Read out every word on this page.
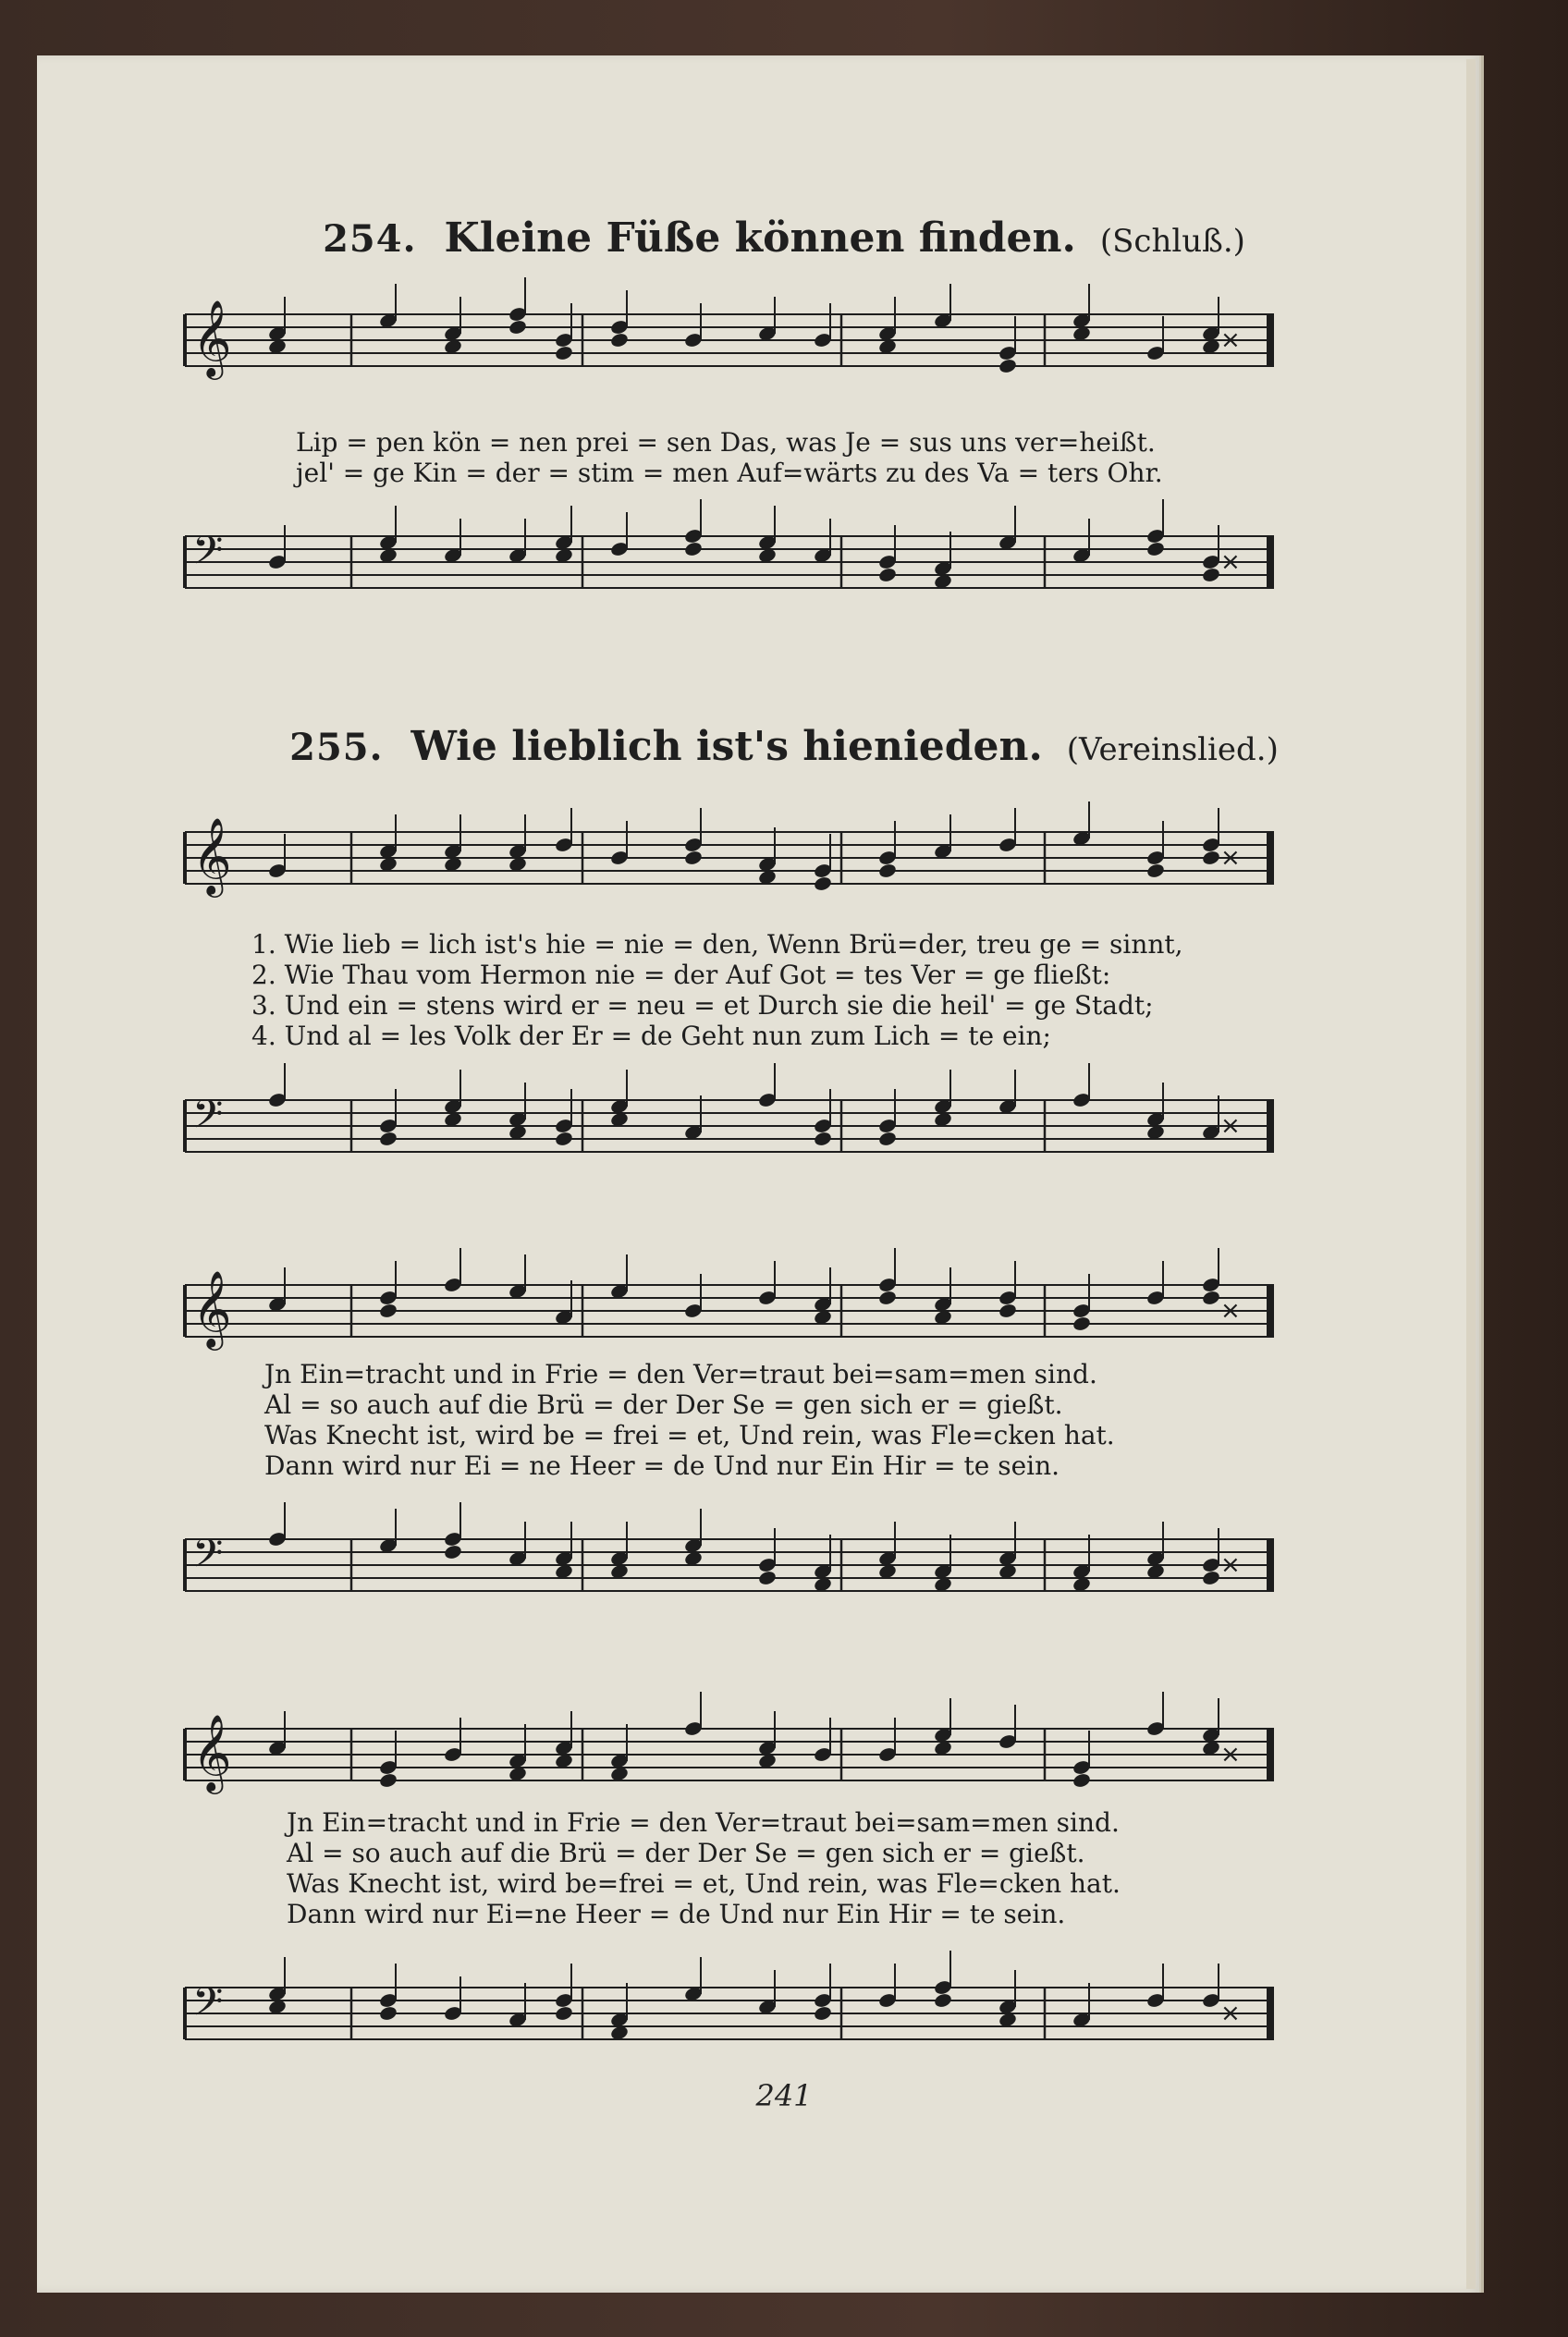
254. Kleine Füße können finden. (Schluß.)
𝄞	×
Lip = pen kön = nen prei = sen Das, was Je = sus uns ver=heißt.
jel' = ge Kin = der = stim = men Auf=wärts zu des Va = ters Ohr.
𝄢	×
255. Wie lieblich ist's hienieden. (Vereinslied.)
𝄞	×
1. Wie lieb = lich ist's hie = nie = den, Wenn Brü=der, treu ge = sinnt,
2. Wie Thau vom Hermon nie = der Auf Got = tes Ver = ge fließt:
3. Und ein = stens wird er = neu = et Durch sie die heil' = ge Stadt;
4. Und al = les Volk der Er = de Geht nun zum Lich = te ein;
𝄢	×
𝄞	×
Jn Ein=tracht und in Frie = den Ver=traut bei=sam=men sind.
Al = so auch auf die Brü = der Der Se = gen sich er = gießt.
Was Knecht ist, wird be = frei = et, Und rein, was Fle=cken hat.
Dann wird nur Ei = ne Heer = de Und nur Ein Hir = te sein.
𝄢	×
𝄞	×
Jn Ein=tracht und in Frie = den Ver=traut bei=sam=men sind.
Al = so auch auf die Brü = der Der Se = gen sich er = gießt.
Was Knecht ist, wird be=frei = et, Und rein, was Fle=cken hat.
Dann wird nur Ei=ne Heer = de Und nur Ein Hir = te sein.
𝄢	×
241
